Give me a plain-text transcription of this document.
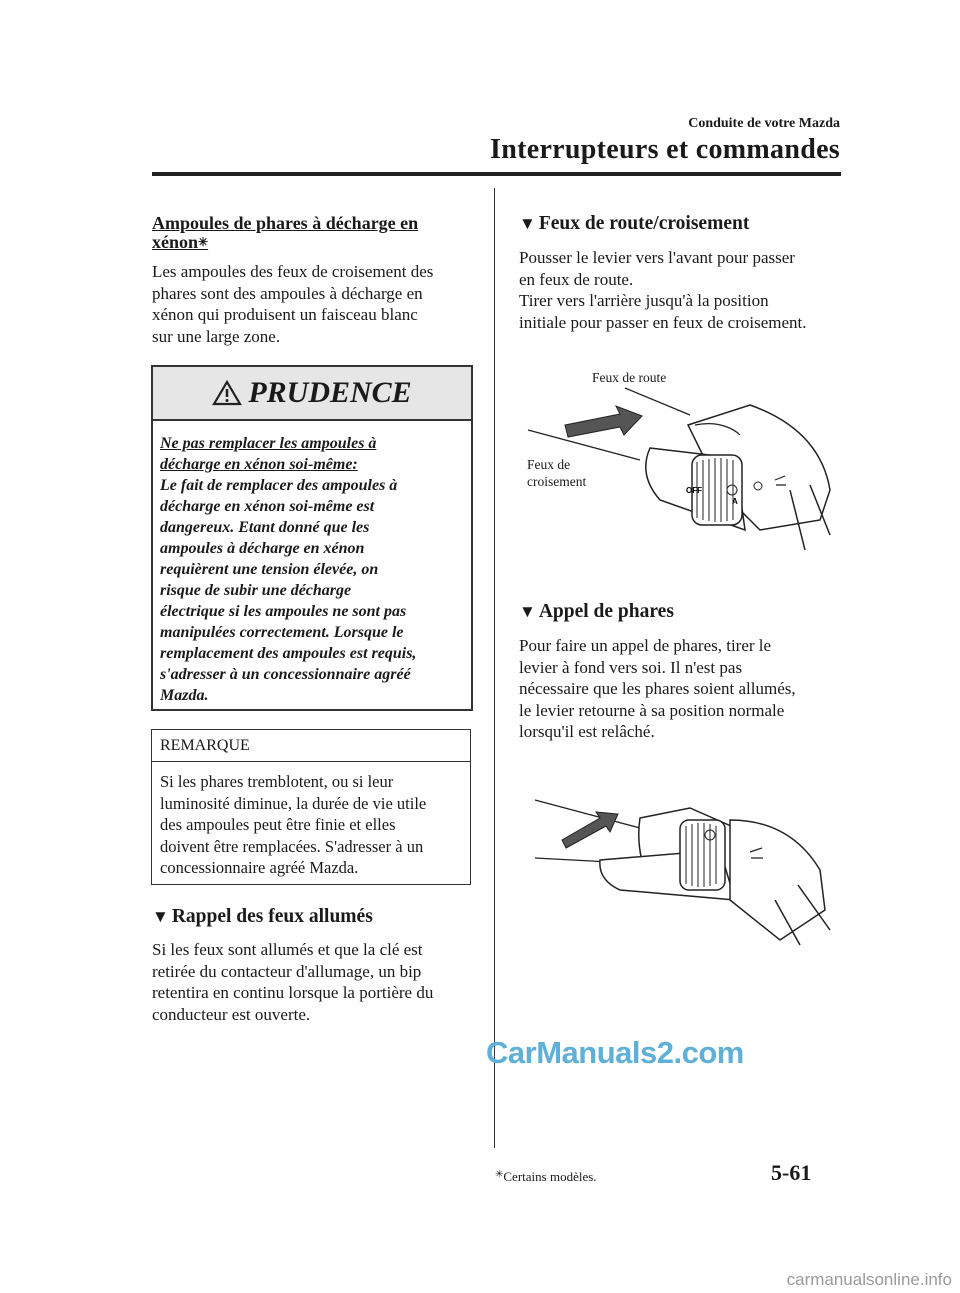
Conduite de votre Mazda
Interrupteurs et commandes
Ampoules de phares à décharge en
xénon✳
Les ampoules des feux de croisement des
phares sont des ampoules à décharge en
xénon qui produisent un faisceau blanc
sur une large zone.
PRUDENCE
Ne pas remplacer les ampoules à
décharge en xénon soi-même:
Le fait de remplacer des ampoules à
décharge en xénon soi-même est
dangereux. Etant donné que les
ampoules à décharge en xénon
requièrent une tension élevée, on
risque de subir une décharge
électrique si les ampoules ne sont pas
manipulées correctement. Lorsque le
remplacement des ampoules est requis,
s'adresser à un concessionnaire agréé
Mazda.
REMARQUE
Si les phares tremblotent, ou si leur
luminosité diminue, la durée de vie utile
des ampoules peut être finie et elles
doivent être remplacées. S'adresser à un
concessionnaire agréé Mazda.
▼ Rappel des feux allumés
Si les feux sont allumés et que la clé est
retirée du contacteur d'allumage, un bip
retentira en continu lorsque la portière du
conducteur est ouverte.
▼ Feux de route/croisement
Pousser le levier vers l'avant pour passer
en feux de route.
Tirer vers l'arrière jusqu'à la position
initiale pour passer en feux de croisement.
Feux de route
Feux de
croisement
OFF
A
▼ Appel de phares
Pour faire un appel de phares, tirer le
levier à fond vers soi. Il n'est pas
nécessaire que les phares soient allumés,
le levier retourne à sa position normale
lorsqu'il est relâché.
CarManuals2.com
✳Certains modèles.	5-61
carmanualsonline.info
